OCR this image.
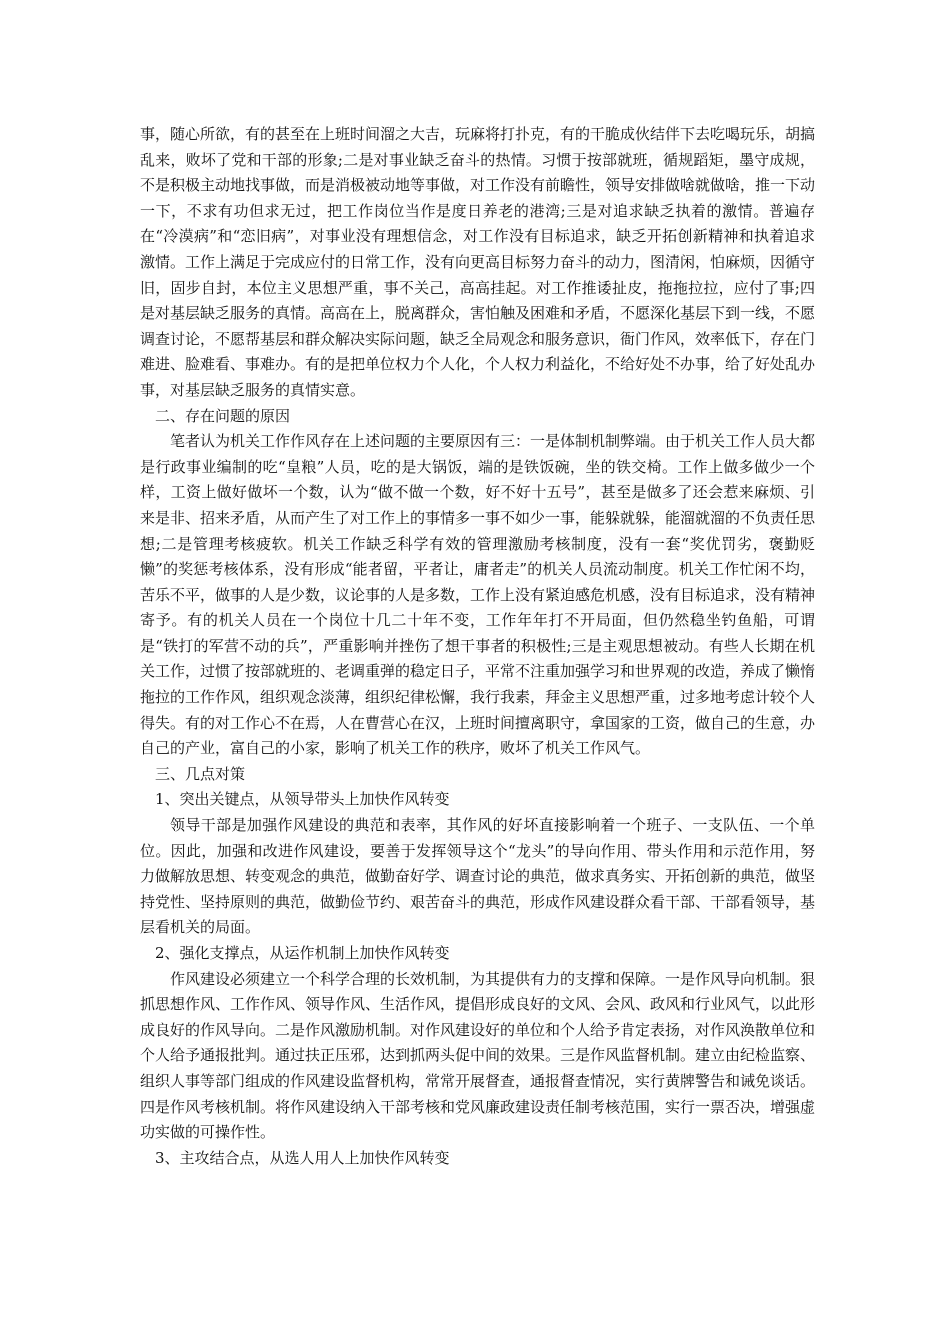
事，随心所欲，有的甚至在上班时间溜之大吉，玩麻将打扑克，有的干脆成伙结伴下去吃喝玩乐，胡搞乱来，败坏了党和干部的形象;二是对事业缺乏奋斗的热情。习惯于按部就班，循规蹈矩，墨守成规，不是积极主动地找事做，而是消极被动地等事做，对工作没有前瞻性，领导安排做啥就做啥，推一下动一下，不求有功但求无过，把工作岗位当作是度日养老的港湾;三是对追求缺乏执着的激情。普遍存在“冷漠病”和“恋旧病”，对事业没有理想信念，对工作没有目标追求，缺乏开拓创新精神和执着追求激情。工作上满足于完成应付的日常工作，没有向更高目标努力奋斗的动力，图清闲，怕麻烦，因循守旧，固步自封，本位主义思想严重，事不关己，高高挂起。对工作推诿扯皮，拖拖拉拉，应付了事;四是对基层缺乏服务的真情。高高在上，脱离群众，害怕触及困难和矛盾，不愿深化基层下到一线，不愿调查讨论，不愿帮基层和群众解决实际问题，缺乏全局观念和服务意识，衙门作风，效率低下，存在门难进、脸难看、事难办。有的是把单位权力个人化，个人权力利益化，不给好处不办事，给了好处乱办事，对基层缺乏服务的真情实意。

二、存在问题的原因

笔者认为机关工作作风存在上述问题的主要原因有三：一是体制机制弊端。由于机关工作人员大都是行政事业编制的吃“皇粮”人员，吃的是大锅饭，端的是铁饭碗，坐的铁交椅。工作上做多做少一个样，工资上做好做坏一个数，认为“做不做一个数，好不好十五号”，甚至是做多了还会惹来麻烦、引来是非、招来矛盾，从而产生了对工作上的事情多一事不如少一事，能躲就躲，能溜就溜的不负责任思想;二是管理考核疲软。机关工作缺乏科学有效的管理激励考核制度，没有一套“奖优罚劣，褒勤贬懒”的奖惩考核体系，没有形成“能者留，平者让，庸者走”的机关人员流动制度。机关工作忙闲不均，苦乐不平，做事的人是少数，议论事的人是多数，工作上没有紧迫感危机感，没有目标追求，没有精神寄予。有的机关人员在一个岗位十几二十年不变，工作年年打不开局面，但仍然稳坐钓鱼船，可谓是“铁打的军营不动的兵”，严重影响并挫伤了想干事者的积极性;三是主观思想被动。有些人长期在机关工作，过惯了按部就班的、老调重弹的稳定日子，平常不注重加强学习和世界观的改造，养成了懒惰拖拉的工作作风，组织观念淡薄，组织纪律松懈，我行我素，拜金主义思想严重，过多地考虑计较个人得失。有的对工作心不在焉，人在曹营心在汉，上班时间擅离职守，拿国家的工资，做自己的生意，办自己的产业，富自己的小家，影响了机关工作的秩序，败坏了机关工作风气。

三、几点对策

1、突出关键点，从领导带头上加快作风转变

领导干部是加强作风建设的典范和表率，其作风的好坏直接影响着一个班子、一支队伍、一个单位。因此，加强和改进作风建设，要善于发挥领导这个“龙头”的导向作用、带头作用和示范作用，努力做解放思想、转变观念的典范，做勤奋好学、调查讨论的典范，做求真务实、开拓创新的典范，做坚持党性、坚持原则的典范，做勤俭节约、艰苦奋斗的典范，形成作风建设群众看干部、干部看领导，基层看机关的局面。

2、强化支撑点，从运作机制上加快作风转变

作风建设必须建立一个科学合理的长效机制，为其提供有力的支撑和保障。一是作风导向机制。狠抓思想作风、工作作风、领导作风、生活作风，提倡形成良好的文风、会风、政风和行业风气，以此形成良好的作风导向。二是作风激励机制。对作风建设好的单位和个人给予肯定表扬，对作风涣散单位和个人给予通报批判。通过扶正压邪，达到抓两头促中间的效果。三是作风监督机制。建立由纪检监察、组织人事等部门组成的作风建设监督机构，常常开展督查，通报督查情况，实行黄牌警告和诫免谈话。四是作风考核机制。将作风建设纳入干部考核和党风廉政建设责任制考核范围，实行一票否决，增强虚功实做的可操作性。

3、主攻结合点，从选人用人上加快作风转变
